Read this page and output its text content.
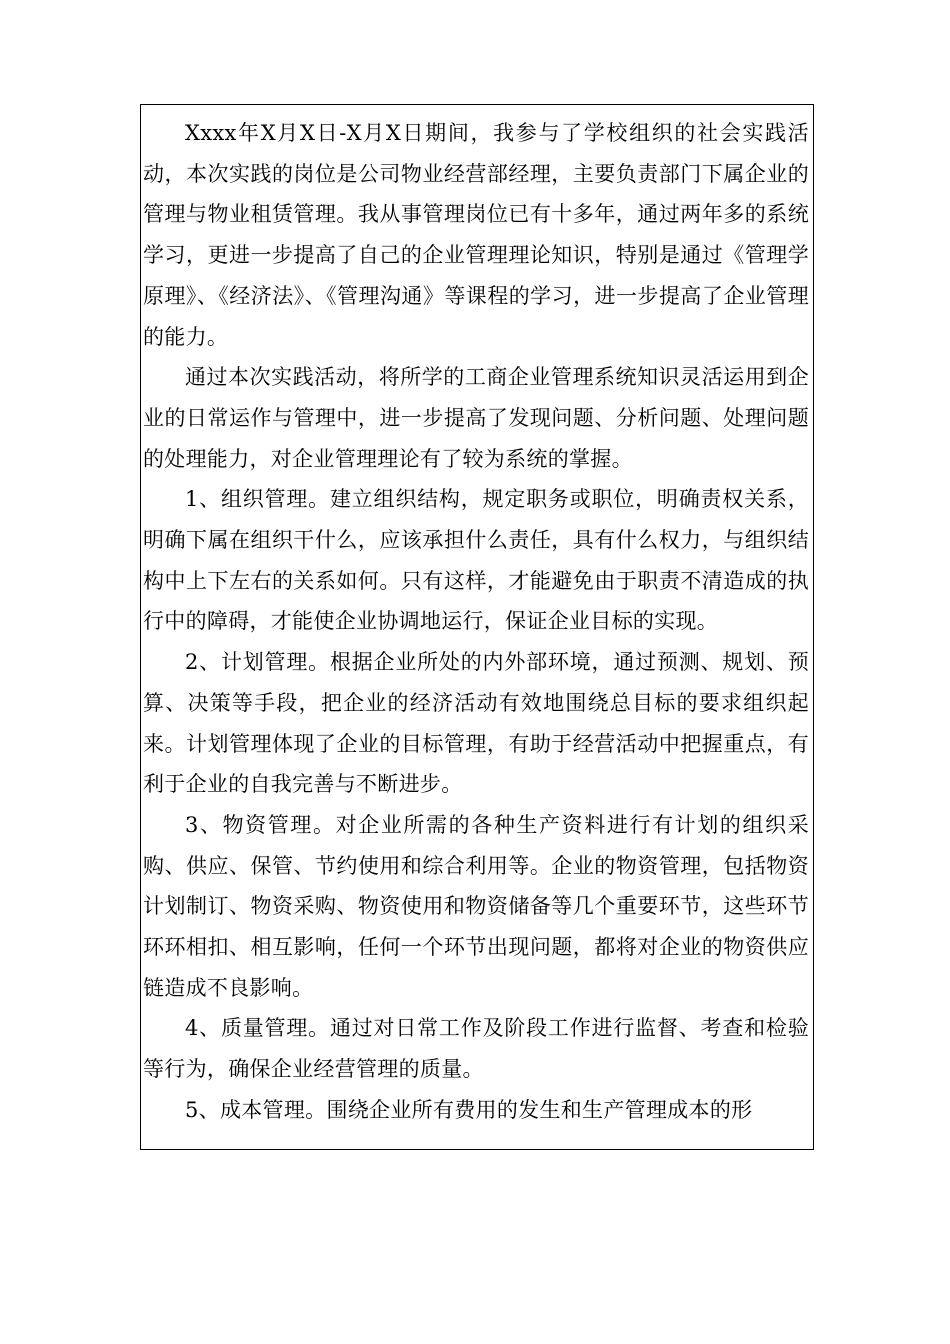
Xxxx年X月X日-X月X日期间，我参与了学校组织的社会实践活动，本次实践的岗位是公司物业经营部经理，主要负责部门下属企业的管理与物业租赁管理。我从事管理岗位已有十多年，通过两年多的系统学习，更进一步提高了自己的企业管理理论知识，特别是通过《管理学原理》、《经济法》、《管理沟通》等课程的学习，进一步提高了企业管理的能力。

通过本次实践活动，将所学的工商企业管理系统知识灵活运用到企业的日常运作与管理中，进一步提高了发现问题、分析问题、处理问题的处理能力，对企业管理理论有了较为系统的掌握。

1、组织管理。建立组织结构，规定职务或职位，明确责权关系，明确下属在组织干什么，应该承担什么责任，具有什么权力，与组织结构中上下左右的关系如何。只有这样，才能避免由于职责不清造成的执行中的障碍，才能使企业协调地运行，保证企业目标的实现。

2、计划管理。根据企业所处的内外部环境，通过预测、规划、预算、决策等手段，把企业的经济活动有效地围绕总目标的要求组织起来。计划管理体现了企业的目标管理，有助于经营活动中把握重点，有利于企业的自我完善与不断进步。

3、物资管理。对企业所需的各种生产资料进行有计划的组织采购、供应、保管、节约使用和综合利用等。企业的物资管理，包括物资计划制订、物资采购、物资使用和物资储备等几个重要环节，这些环节环环相扣、相互影响，任何一个环节出现问题，都将对企业的物资供应链造成不良影响。

4、质量管理。通过对日常工作及阶段工作进行监督、考查和检验等行为，确保企业经营管理的质量。

5、成本管理。围绕企业所有费用的发生和生产管理成本的形
